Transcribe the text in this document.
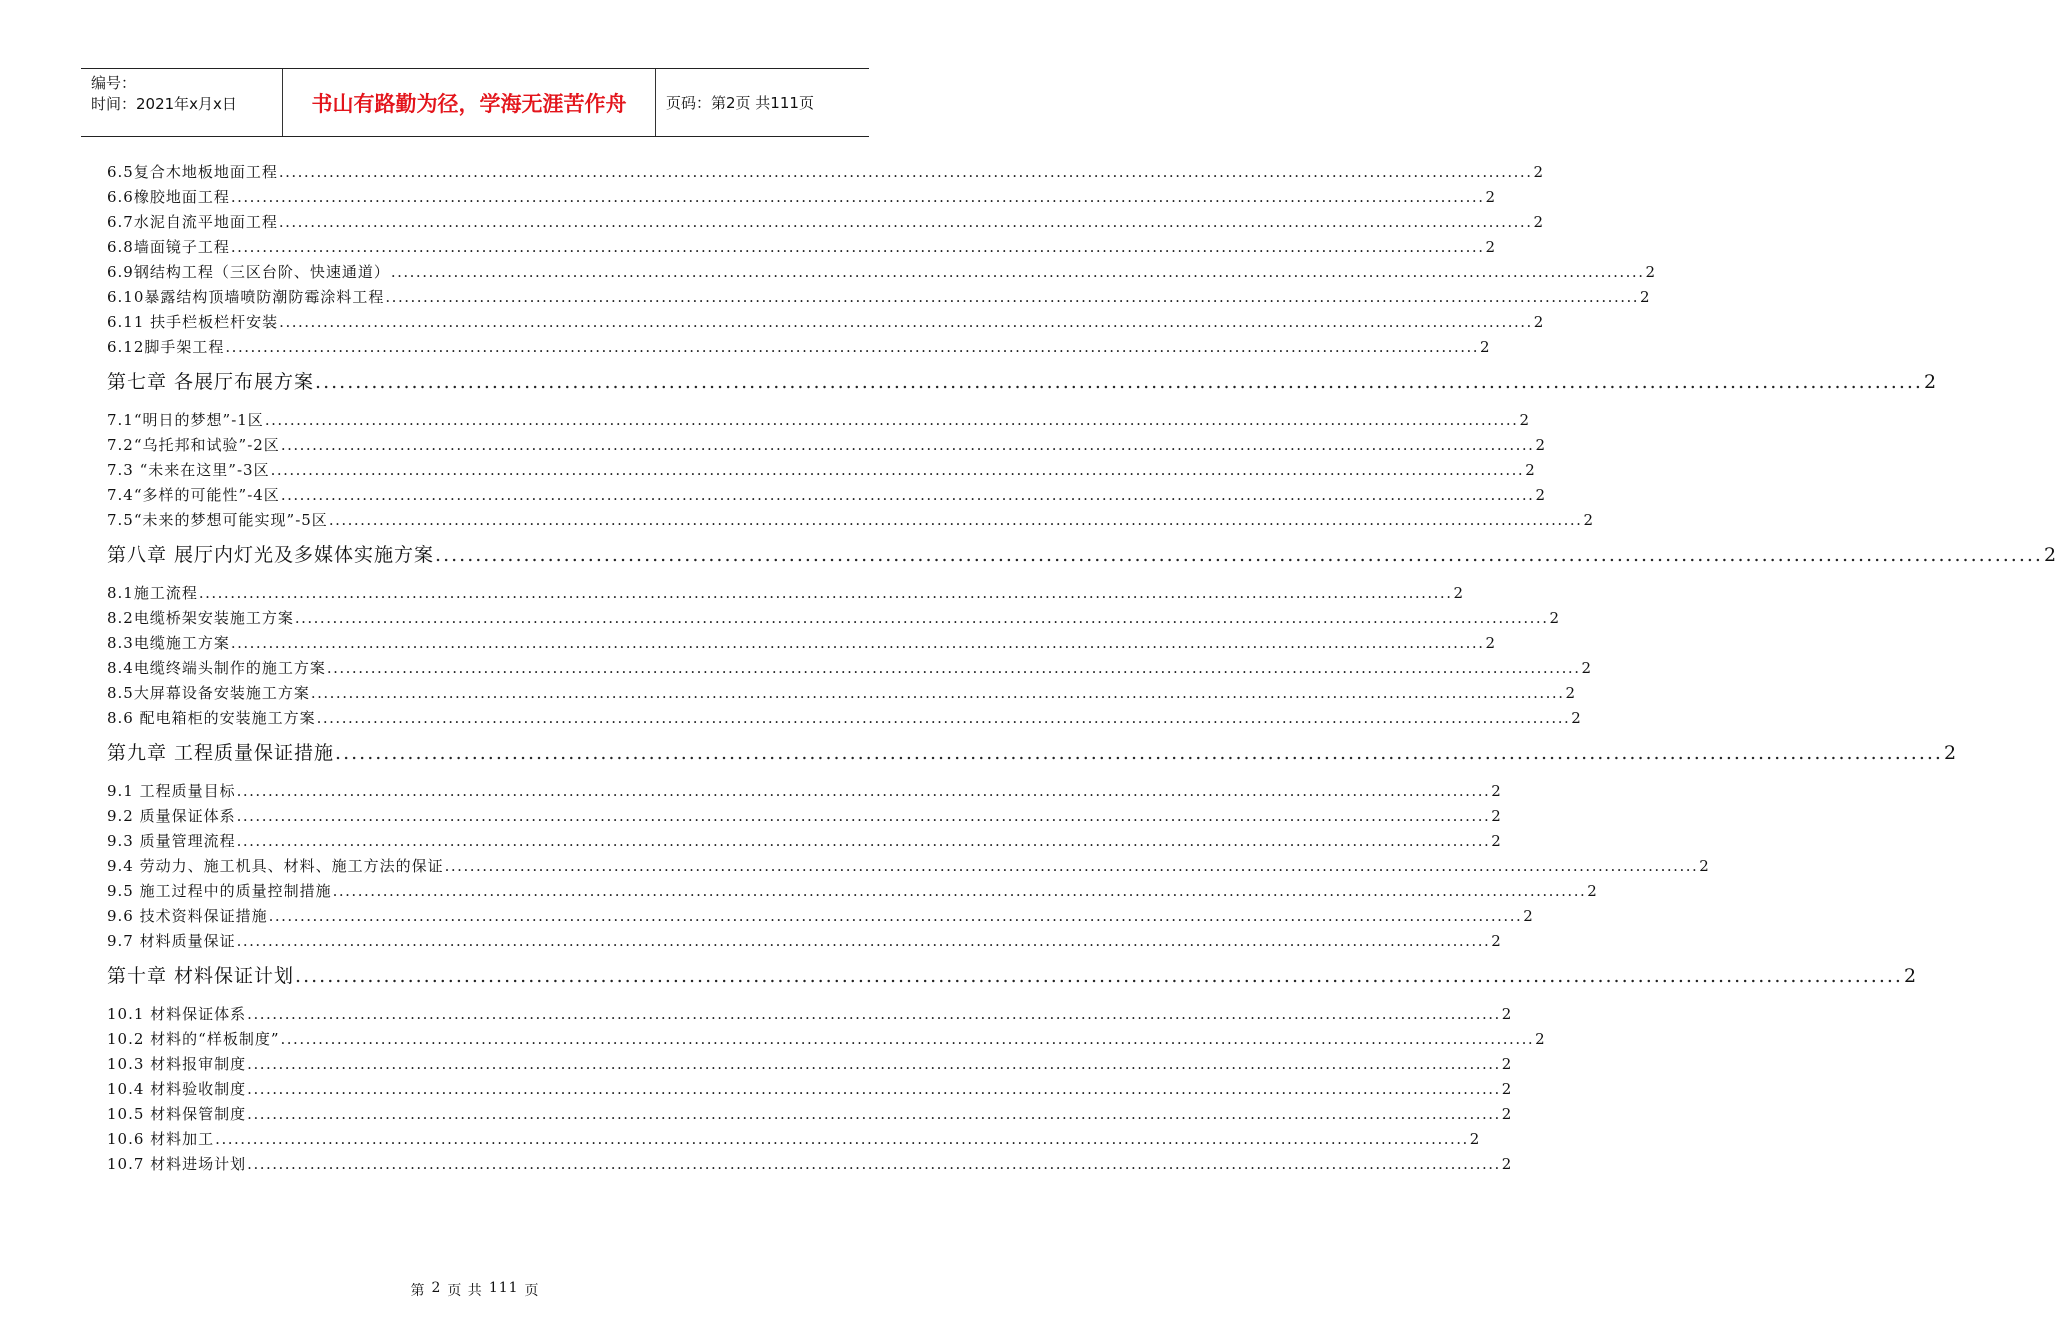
编号：
时间：2021年x月x日	书山有路勤为径，学海无涯苦作舟	页码：第2页 共111页
6.5复合木地板地面工程 ........................................................................................................................................................................................................ 2
6.6橡胶地面工程 ........................................................................................................................................................................................................ 2
6.7水泥自流平地面工程 ........................................................................................................................................................................................................ 2
6.8墙面镜子工程 ........................................................................................................................................................................................................ 2
6.9钢结构工程（三区台阶、快速通道） ........................................................................................................................................................................................................ 2
6.10暴露结构顶墙喷防潮防霉涂料工程 ........................................................................................................................................................................................................ 2
6.11 扶手栏板栏杆安装 ........................................................................................................................................................................................................ 2
6.12脚手架工程 ........................................................................................................................................................................................................ 2
第七章 各展厅布展方案 ........................................................................................................................................................................................................ 2
7.1“明日的梦想”-1区 ........................................................................................................................................................................................................ 2
7.2“乌托邦和试验”-2区 ........................................................................................................................................................................................................ 2
7.3 “未来在这里”-3区 ........................................................................................................................................................................................................ 2
7.4“多样的可能性”-4区 ........................................................................................................................................................................................................ 2
7.5“未来的梦想可能实现”-5区 ........................................................................................................................................................................................................ 2
第八章 展厅内灯光及多媒体实施方案 ........................................................................................................................................................................................................ 2
8.1施工流程 ........................................................................................................................................................................................................ 2
8.2电缆桥架安装施工方案 ........................................................................................................................................................................................................ 2
8.3电缆施工方案 ........................................................................................................................................................................................................ 2
8.4电缆终端头制作的施工方案 ........................................................................................................................................................................................................ 2
8.5大屏幕设备安装施工方案 ........................................................................................................................................................................................................ 2
8.6 配电箱柜的安装施工方案 ........................................................................................................................................................................................................ 2
第九章 工程质量保证措施 ........................................................................................................................................................................................................ 2
9.1 工程质量目标 ........................................................................................................................................................................................................ 2
9.2 质量保证体系 ........................................................................................................................................................................................................ 2
9.3 质量管理流程 ........................................................................................................................................................................................................ 2
9.4 劳动力、施工机具、材料、施工方法的保证 ........................................................................................................................................................................................................ 2
9.5 施工过程中的质量控制措施 ........................................................................................................................................................................................................ 2
9.6 技术资料保证措施 ........................................................................................................................................................................................................ 2
9.7 材料质量保证 ........................................................................................................................................................................................................ 2
第十章 材料保证计划 ........................................................................................................................................................................................................ 2
10.1 材料保证体系 ........................................................................................................................................................................................................ 2
10.2 材料的“样板制度” ........................................................................................................................................................................................................ 2
10.3 材料报审制度 ........................................................................................................................................................................................................ 2
10.4 材料验收制度 ........................................................................................................................................................................................................ 2
10.5 材料保管制度 ........................................................................................................................................................................................................ 2
10.6 材料加工 ........................................................................................................................................................................................................ 2
10.7 材料进场计划 ........................................................................................................................................................................................................ 2
第 2 页 共 111 页
